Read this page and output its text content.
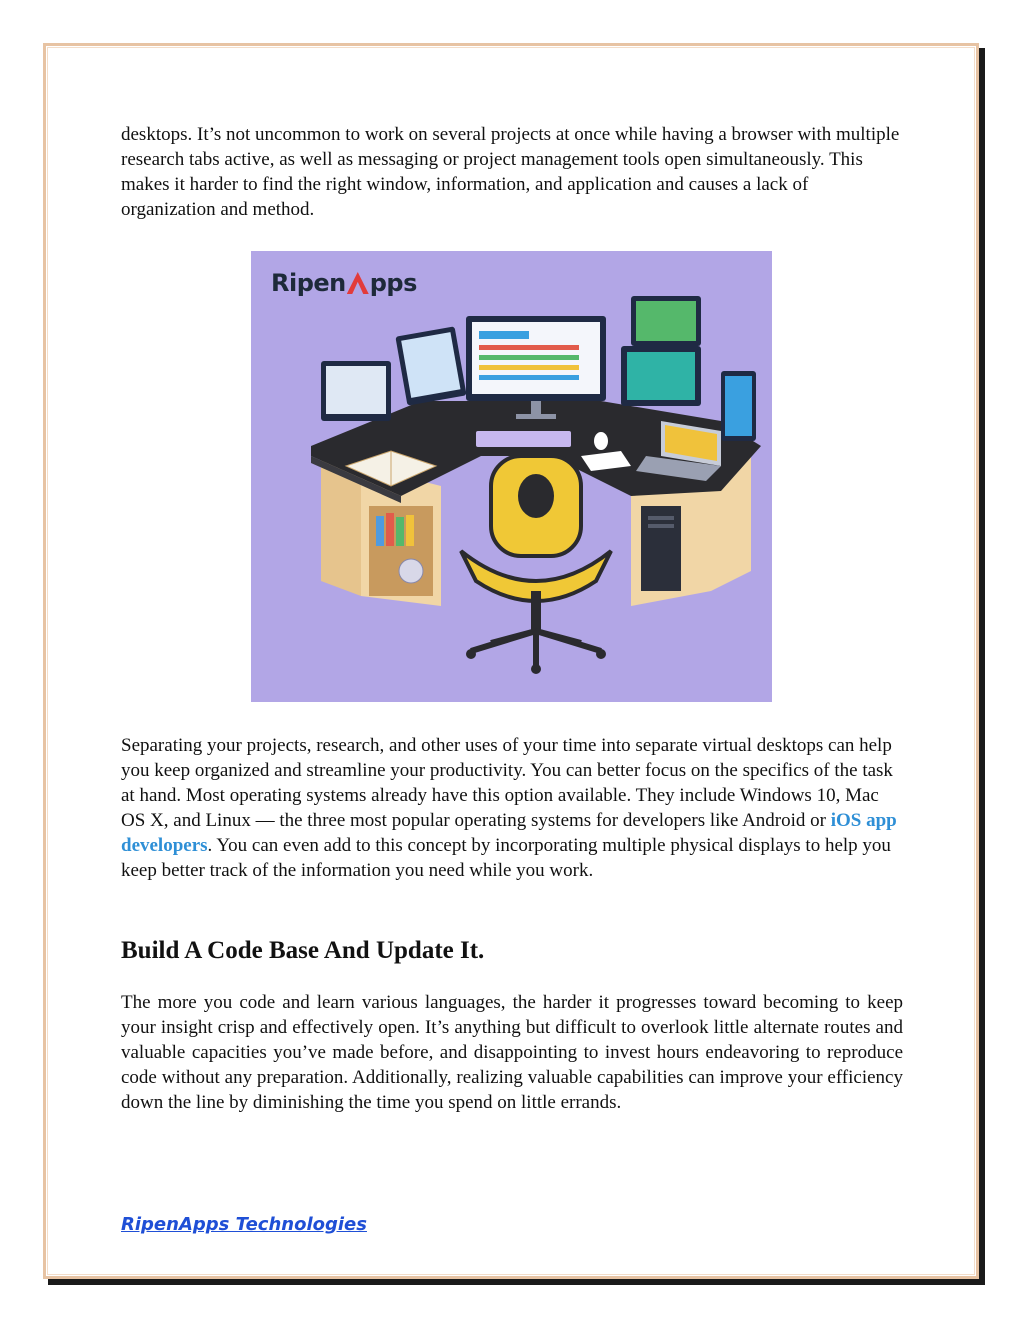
desktops. It’s not uncommon to work on several projects at once while having a browser with multiple research tabs active, as well as messaging or project management tools open simultaneously. This makes it harder to find the right window, information, and application and causes a lack of organization and method.

Ripen pps

Separating your projects, research, and other uses of your time into separate virtual desktops can help you keep organized and streamline your productivity. You can better focus on the specifics of the task at hand. Most operating systems already have this option available. They include Windows 10, Mac OS X, and Linux — the three most popular operating systems for developers like Android or iOS app developers. You can even add to this concept by incorporating multiple physical displays to help you keep better track of the information you need while you work.

Build A Code Base And Update It.

The more you code and learn various languages, the harder it progresses toward becoming to keep your insight crisp and effectively open. It’s anything but difficult to overlook little alternate routes and valuable capacities you’ve made before, and disappointing to invest hours endeavoring to reproduce code without any preparation. Additionally, realizing valuable capabilities can improve your efficiency down the line by diminishing the time you spend on little errands.

RipenApps Technologies
